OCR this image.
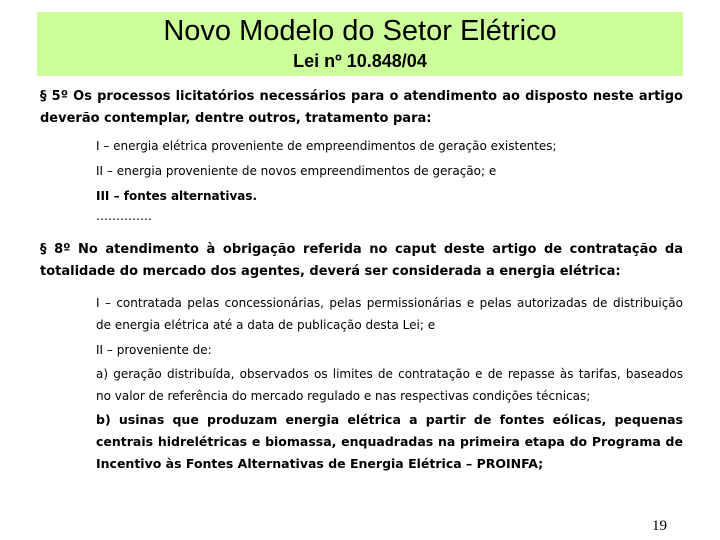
Novo Modelo do Setor Elétrico
Lei nº 10.848/04
§ 5º Os processos licitatórios necessários para o atendimento ao disposto neste artigo deverão contemplar, dentre outros, tratamento para:
I – energia elétrica proveniente de empreendimentos de geração existentes;
II – energia proveniente de novos empreendimentos de geração; e
III – fontes alternativas.
…………..
§ 8º No atendimento à obrigação referida no caput deste artigo de contratação da totalidade do mercado dos agentes, deverá ser considerada a energia elétrica:
I – contratada pelas concessionárias, pelas permissionárias e pelas autorizadas de distribuição de energia elétrica até a data de publicação desta Lei; e
II – proveniente de:
a) geração distribuída, observados os limites de contratação e de repasse às tarifas, baseados no valor de referência do mercado regulado e nas respectivas condições técnicas;
b) usinas que produzam energia elétrica a partir de fontes eólicas, pequenas centrais hidrelétricas e biomassa, enquadradas na primeira etapa do Programa de Incentivo às Fontes Alternativas de Energia Elétrica – PROINFA;
19
